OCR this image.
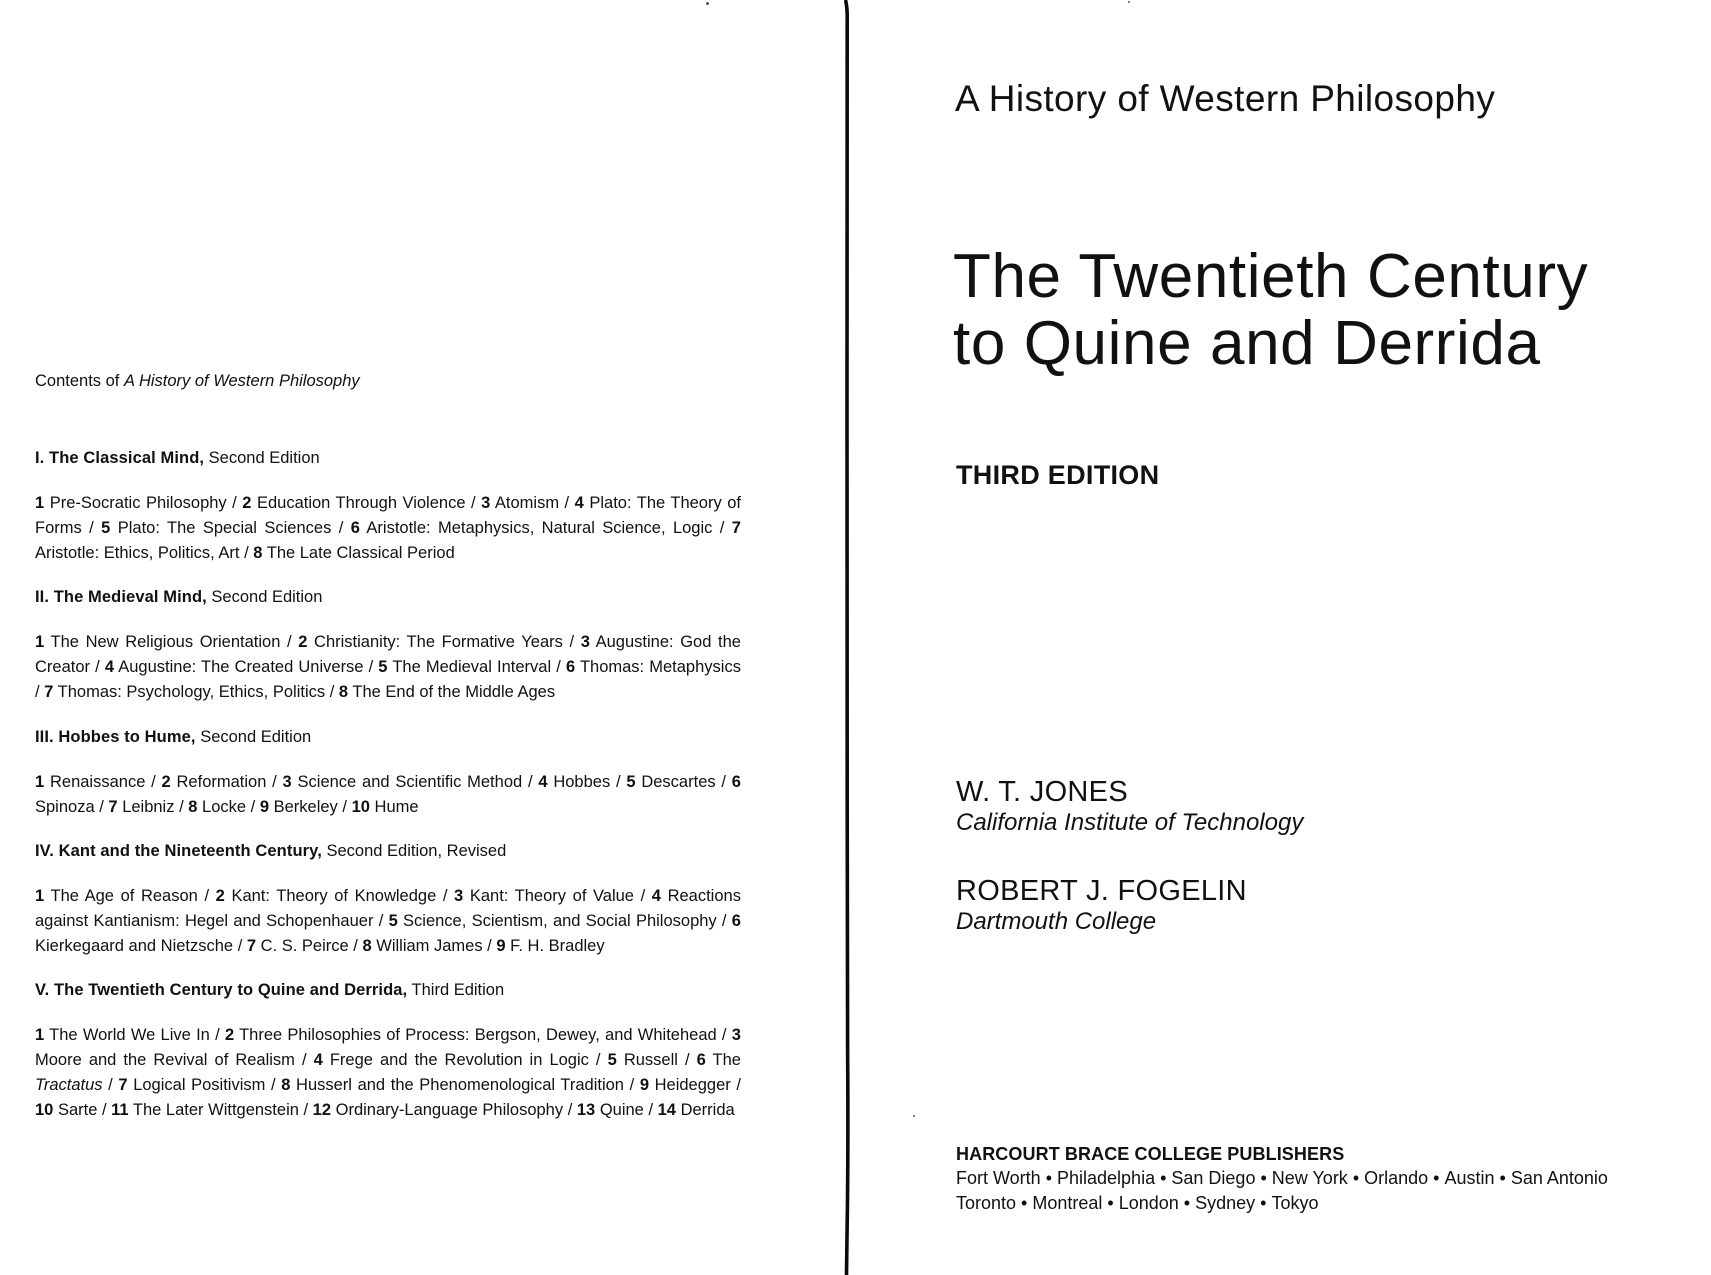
Contents of A History of Western Philosophy
I. The Classical Mind, Second Edition
1 Pre-Socratic Philosophy / 2 Education Through Violence / 3 Atomism / 4 Plato: The Theory of Forms / 5 Plato: The Special Sciences / 6 Aristotle: Metaphysics, Natural Science, Logic / 7 Aristotle: Ethics, Politics, Art / 8 The Late Classical Period
II. The Medieval Mind, Second Edition
1 The New Religious Orientation / 2 Christianity: The Formative Years / 3 Augustine: God the Creator / 4 Augustine: The Created Universe / 5 The Medieval Interval / 6 Thomas: Metaphysics / 7 Thomas: Psychology, Ethics, Politics / 8 The End of the Middle Ages
III. Hobbes to Hume, Second Edition
1 Renaissance / 2 Reformation / 3 Science and Scientific Method / 4 Hobbes / 5 Descartes / 6 Spinoza / 7 Leibniz / 8 Locke / 9 Berkeley / 10 Hume
IV. Kant and the Nineteenth Century, Second Edition, Revised
1 The Age of Reason / 2 Kant: Theory of Knowledge / 3 Kant: Theory of Value / 4 Reactions against Kantianism: Hegel and Schopenhauer / 5 Science, Scientism, and Social Philosophy / 6 Kierkegaard and Nietzsche / 7 C. S. Peirce / 8 William James / 9 F. H. Bradley
V. The Twentieth Century to Quine and Derrida, Third Edition
1 The World We Live In / 2 Three Philosophies of Process: Bergson, Dewey, and Whitehead / 3 Moore and the Revival of Realism / 4 Frege and the Revolution in Logic / 5 Russell / 6 The Tractatus / 7 Logical Positivism / 8 Husserl and the Phenomenological Tradition / 9 Heidegger / 10 Sarte / 11 The Later Wittgenstein / 12 Ordinary-Language Philosophy / 13 Quine / 14 Derrida
A History of Western Philosophy
The Twentieth Century
to Quine and Derrida
THIRD EDITION
W. T. JONES
California Institute of Technology
ROBERT J. FOGELIN
Dartmouth College
HARCOURT BRACE COLLEGE PUBLISHERS
Fort Worth • Philadelphia • San Diego • New York • Orlando • Austin • San Antonio
Toronto • Montreal • London • Sydney • Tokyo
